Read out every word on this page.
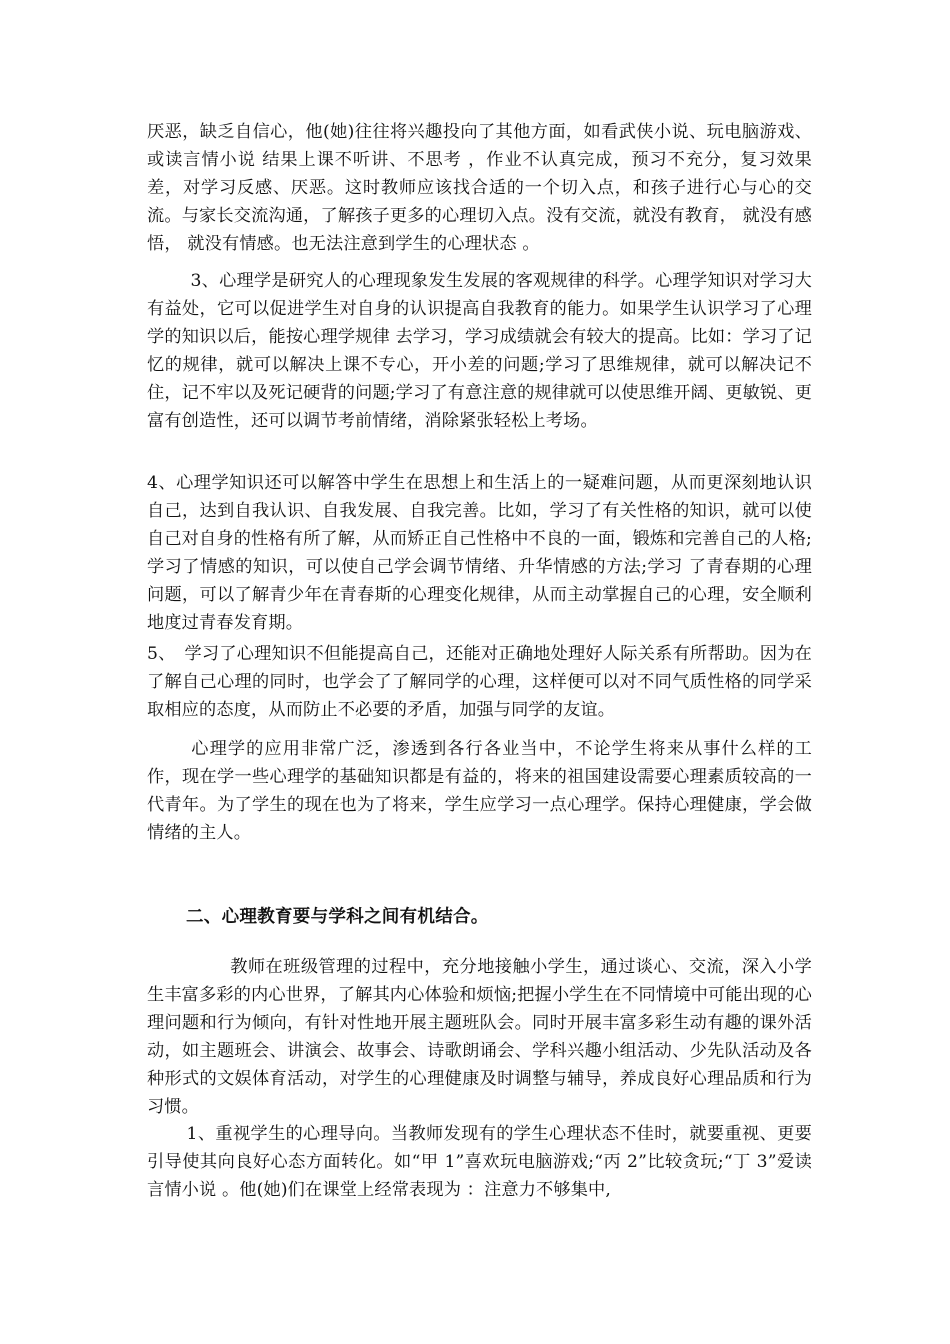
厌恶，缺乏自信心，他(她)往往将兴趣投向了其他方面，如看武侠小说、玩电脑游戏、或读言情小说 结果上课不听讲、不思考 ，作业不认真完成，预习不充分，复习效果差，对学习反感、厌恶。这时教师应该找合适的一个切入点，和孩子进行心与心的交流。与家长交流沟通，了解孩子更多的心理切入点。没有交流，就没有教育， 就没有感悟， 就没有情感。也无法注意到学生的心理状态 。

　3、心理学是研究人的心理现象发生发展的客观规律的科学。心理学知识对学习大有益处，它可以促进学生对自身的认识提高自我教育的能力。如果学生认识学习了心理学的知识以后，能按心理学规律 去学习，学习成绩就会有较大的提高。比如：学习了记忆的规律，就可以解决上课不专心，开小差的问题;学习了思维规律，就可以解决记不住，记不牢以及死记硬背的问题;学习了有意注意的规律就可以使思维开阔、更敏锐、更富有创造性，还可以调节考前情绪，消除紧张轻松上考场。

4、心理学知识还可以解答中学生在思想上和生活上的一疑难问题，从而更深刻地认识自己，达到自我认识、自我发展、自我完善。比如，学习了有关性格的知识，就可以使自己对自身的性格有所了解，从而矫正自己性格中不良的一面，锻炼和完善自己的人格;学习了情感的知识，可以使自己学会调节情绪、升华情感的方法;学习 了青春期的心理问题，可以了解青少年在青春斯的心理变化规律，从而主动掌握自己的心理，安全顺利地度过青春发育期。

5、　学习了心理知识不但能提高自己，还能对正确地处理好人际关系有所帮助。因为在了解自己心理的同时，也学会了了解同学的心理，这样便可以对不同气质性格的同学采取相应的态度，从而防止不必要的矛盾，加强与同学的友谊。

　心理学的应用非常广泛，渗透到各行各业当中，不论学生将来从事什么样的工作，现在学一些心理学的基础知识都是有益的，将来的祖国建设需要心理素质较高的一代青年。为了学生的现在也为了将来，学生应学习一点心理学。保持心理健康，学会做情绪的主人。

二、心理教育要与学科之间有机结合。

　　教师在班级管理的过程中，充分地接触小学生，通过谈心、交流，深入小学生丰富多彩的内心世界，了解其内心体验和烦恼;把握小学生在不同情境中可能出现的心理问题和行为倾向，有针对性地开展主题班队会。同时开展丰富多彩生动有趣的课外活动，如主题班会、讲演会、故事会、诗歌朗诵会、学科兴趣小组活动、少先队活动及各种形式的文娱体育活动，对学生的心理健康及时调整与辅导，养成良好心理品质和行为习惯。

　1、重视学生的心理导向。当教师发现有的学生心理状态不佳时，就要重视、更要引导使其向良好心态方面转化。如“甲 1”喜欢玩电脑游戏;“丙 2”比较贪玩;“丁 3”爱读言情小说 。他(她)们在课堂上经常表现为 ：注意力不够集中,
